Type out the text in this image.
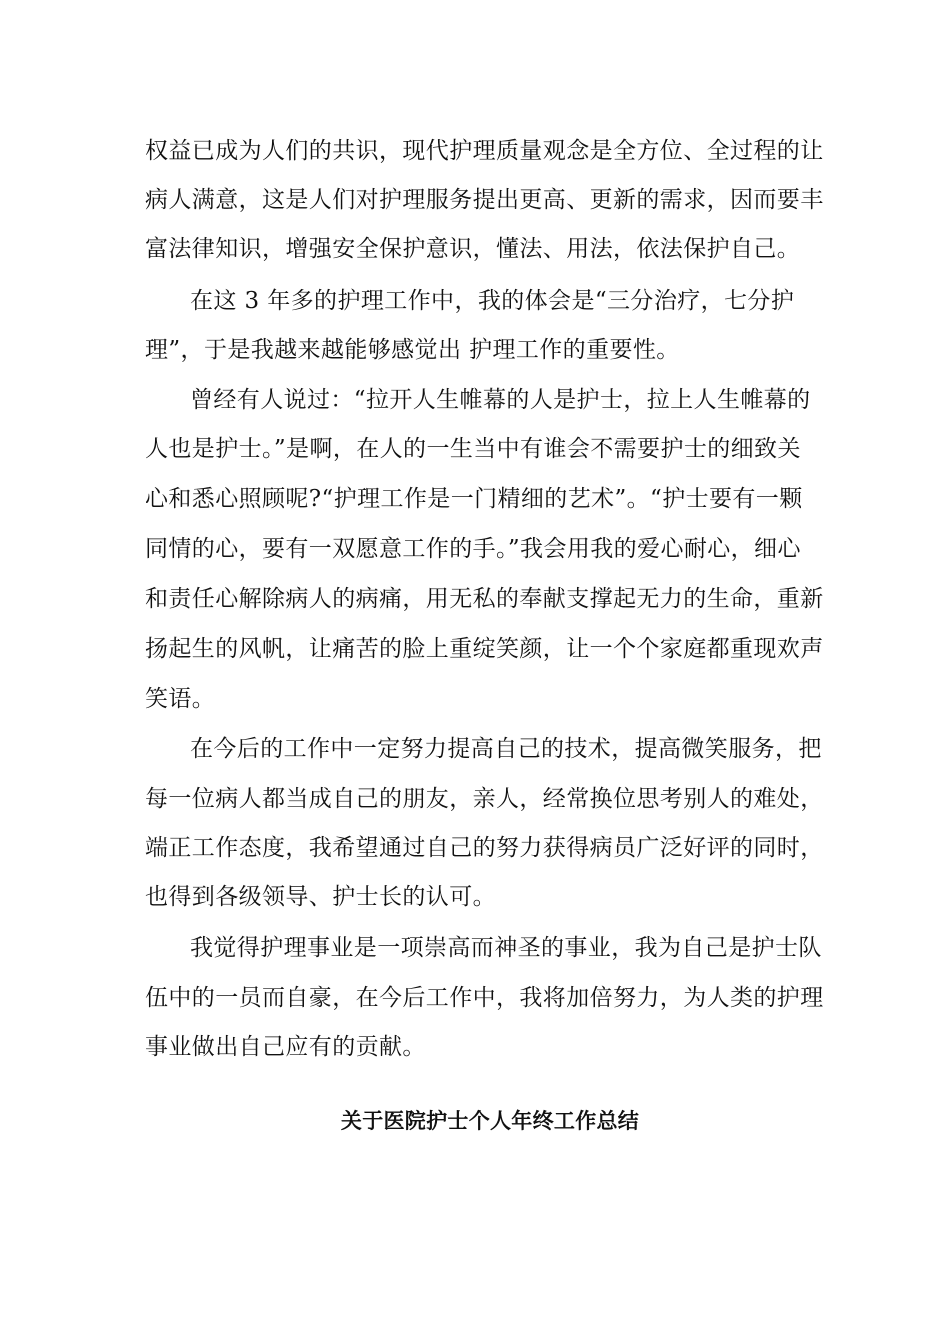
权益已成为人们的共识，现代护理质量观念是全方位、全过程的让
病人满意，这是人们对护理服务提出更高、更新的需求，因而要丰
富法律知识，增强安全保护意识，懂法、用法，依法保护自己。
在这 3 年多的护理工作中，我的体会是“三分治疗，七分护
理”，于是我越来越能够感觉出 护理工作的重要性。
曾经有人说过：“拉开人生帷幕的人是护士，拉上人生帷幕的
人也是护士。”是啊，在人的一生当中有谁会不需要护士的细致关
心和悉心照顾呢?“护理工作是一门精细的艺术”。“护士要有一颗
同情的心，要有一双愿意工作的手。”我会用我的爱心耐心，细心
和责任心解除病人的病痛，用无私的奉献支撑起无力的生命，重新
扬起生的风帆，让痛苦的脸上重绽笑颜，让一个个家庭都重现欢声
笑语。
在今后的工作中一定努力提高自己的技术，提高微笑服务，把
每一位病人都当成自己的朋友，亲人，经常换位思考别人的难处，
端正工作态度，我希望通过自己的努力获得病员广泛好评的同时，
也得到各级领导、护士长的认可。
我觉得护理事业是一项崇高而神圣的事业，我为自己是护士队
伍中的一员而自豪，在今后工作中，我将加倍努力，为人类的护理
事业做出自己应有的贡献。
关于医院护士个人年终工作总结
